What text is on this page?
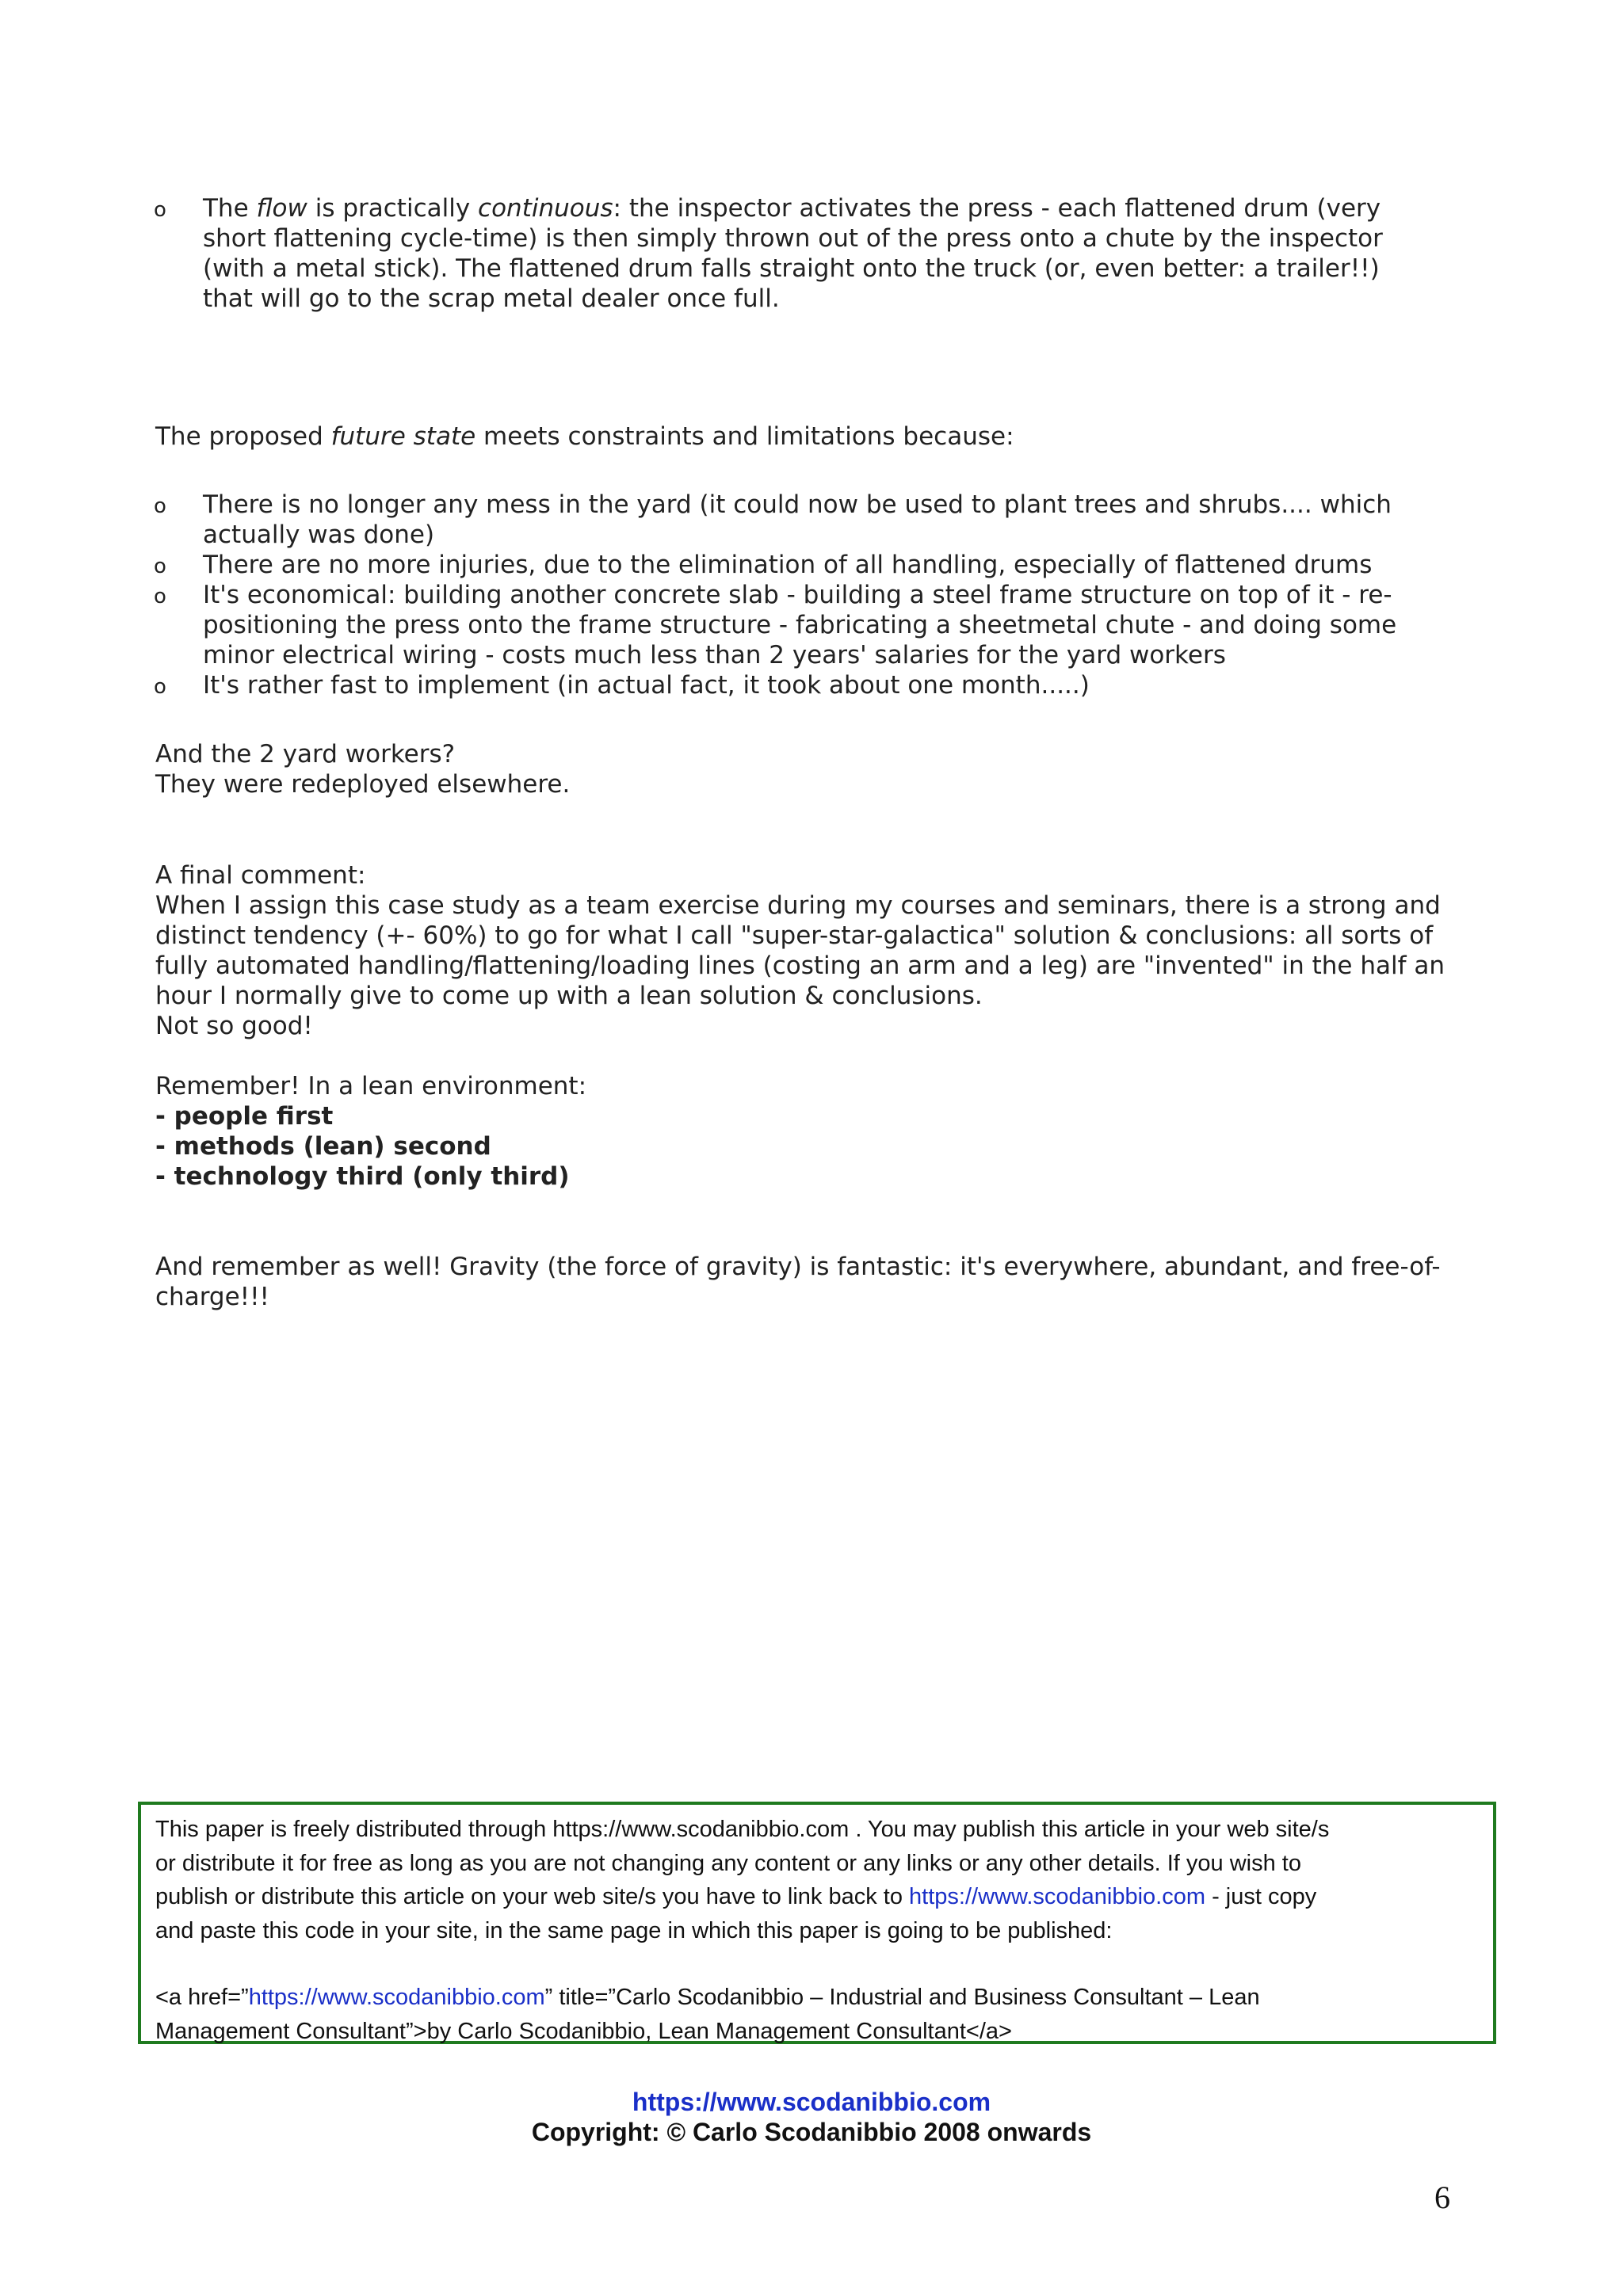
o The flow is practically continuous: the inspector activates the press - each flattened drum (very
short flattening cycle-time) is then simply thrown out of the press onto a chute by the inspector
(with a metal stick). The flattened drum falls straight onto the truck (or, even better: a trailer!!)
that will go to the scrap metal dealer once full.

The proposed future state meets constraints and limitations because:

o There is no longer any mess in the yard (it could now be used to plant trees and shrubs.... which
actually was done)
o There are no more injuries, due to the elimination of all handling, especially of flattened drums
o It's economical: building another concrete slab - building a steel frame structure on top of it - re-
positioning the press onto the frame structure - fabricating a sheetmetal chute - and doing some
minor electrical wiring - costs much less than 2 years' salaries for the yard workers
o It's rather fast to implement (in actual fact, it took about one month.....)

And the 2 yard workers?
They were redeployed elsewhere.

A final comment:
When I assign this case study as a team exercise during my courses and seminars, there is a strong and
distinct tendency (+- 60%) to go for what I call "super-star-galactica" solution & conclusions: all sorts of
fully automated handling/flattening/loading lines (costing an arm and a leg) are "invented" in the half an
hour I normally give to come up with a lean solution & conclusions.
Not so good!

Remember! In a lean environment:
- people first
- methods (lean) second
- technology third (only third)

And remember as well! Gravity (the force of gravity) is fantastic: it's everywhere, abundant, and free-of-
charge!!!

This paper is freely distributed through https://www.scodanibbio.com . You may publish this article in your web site/s
or distribute it for free as long as you are not changing any content or any links or any other details. If you wish to
publish or distribute this article on your web site/s you have to link back to https://www.scodanibbio.com - just copy
and paste this code in your site, in the same page in which this paper is going to be published:
<a href=”https://www.scodanibbio.com” title=”Carlo Scodanibbio – Industrial and Business Consultant – Lean
Management Consultant”>by Carlo Scodanibbio, Lean Management Consultant</a>
https://www.scodanibbio.com
Copyright: © Carlo Scodanibbio 2008 onwards
6
